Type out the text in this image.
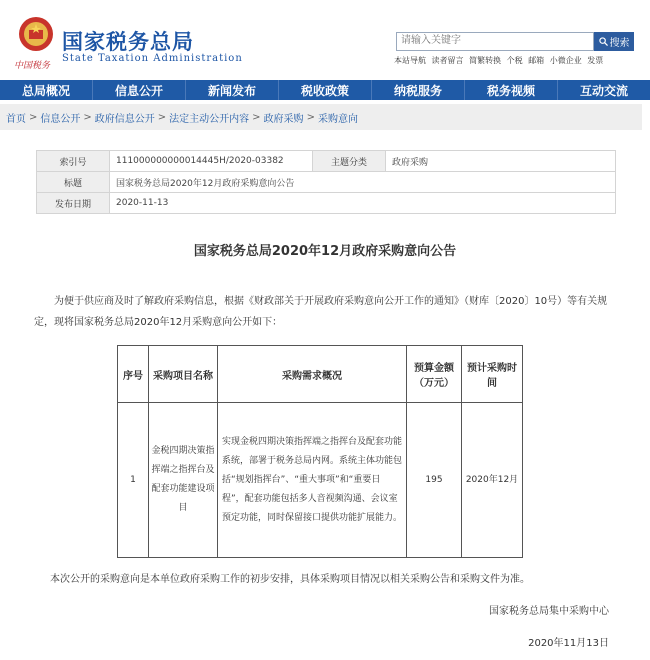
中国税务
国家税务总局
State Taxation Administration
请输入关键字
搜索
本站导航 读者留言 简繁转换 个税 邮箱 小微企业 发票
总局概况	信息公开	新闻发布	税收政策	纳税服务	税务视频	互动交流
首页 > 信息公开 > 政府信息公开 > 法定主动公开内容 > 政府采购 > 采购意向
索引号	111000000000014445H/2020-03382	主题分类	政府采购
标题	国家税务总局2020年12月政府采购意向公告		
发布日期	2020-11-13		
国家税务总局2020年12月政府采购意向公告
为便于供应商及时了解政府采购信息，根据《财政部关于开展政府采购意向公开工作的通知》（财库〔2020〕10号）等有关规定，现将国家税务总局2020年12月采购意向公开如下：
序号	采购项目名称	采购需求概况	预算金额（万元）	预计采购时间
1	金税四期决策指挥端之指挥台及配套功能建设项目	实现金税四期决策指挥端之指挥台及配套功能系统，部署于税务总局内网。系统主体功能包括“规划指挥台”、“重大事项”和“重要日程”，配套功能包括多人音视频沟通、会议室预定功能，同时保留接口提供功能扩展能力。	195	2020年12月
本次公开的采购意向是本单位政府采购工作的初步安排，具体采购项目情况以相关采购公告和采购文件为准。
国家税务总局集中采购中心
2020年11月13日
